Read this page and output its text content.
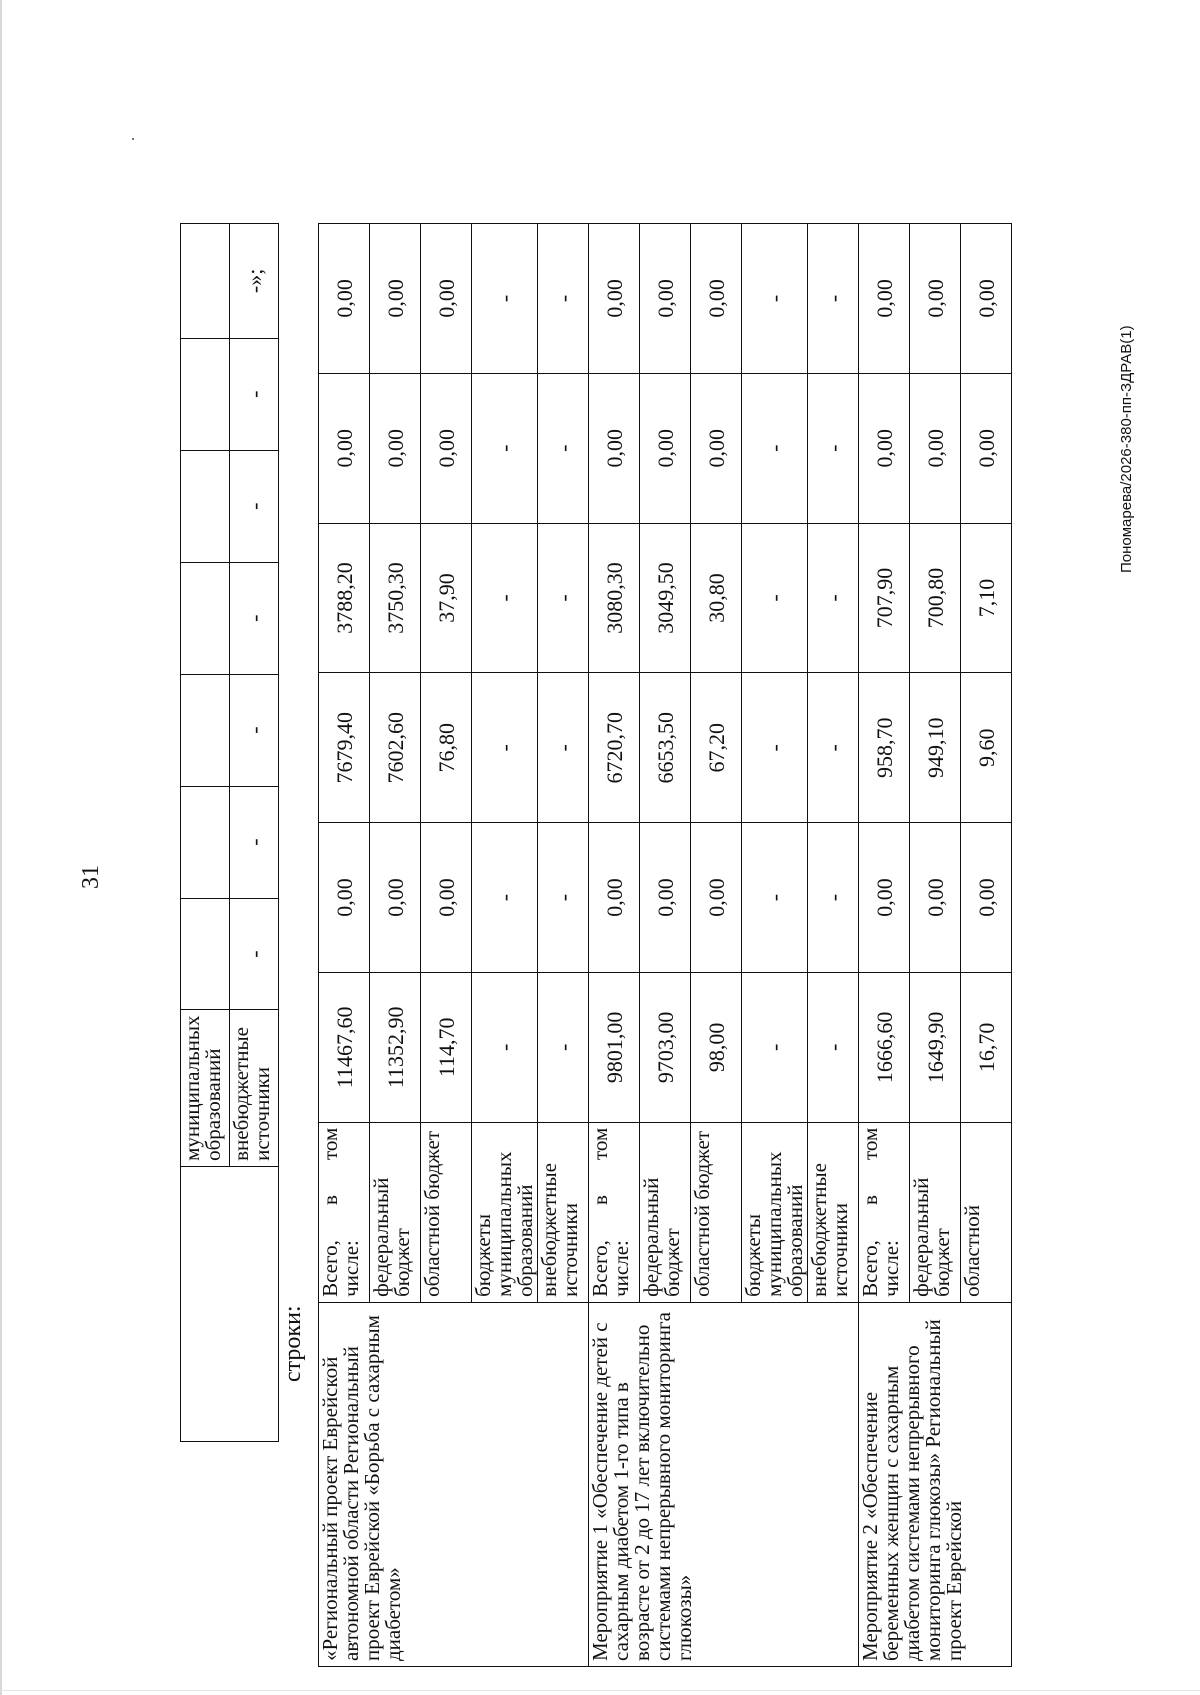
31
	муниципальных образований							
	внебюджетные источники	-	-	-	-	-	-	-»;
строки:
«Региональный проект Еврейской автономной области Региональный проект Еврейской «Борьба с сахарным диабетом»	Всего, в том числе:	11467,60	0,00	7679,40	3788,20	0,00	0,00
	федеральный бюджет	11352,90	0,00	7602,60	3750,30	0,00	0,00
	областной бюджет	114,70	0,00	76,80	37,90	0,00	0,00
	бюджеты муниципальных образований	-	-	-	-	-	-
	внебюджетные источники	-	-	-	-	-	-
Мероприятие 1 «Обеспечение детей с сахарным диабетом 1-го типа в возрасте от 2 до 17 лет включительно системами непрерывного мониторинга глюкозы»	Всего, в том числе:	9801,00	0,00	6720,70	3080,30	0,00	0,00
	федеральный бюджет	9703,00	0,00	6653,50	3049,50	0,00	0,00
	областной бюджет	98,00	0,00	67,20	30,80	0,00	0,00
	бюджеты муниципальных образований	-	-	-	-	-	-
	внебюджетные источники	-	-	-	-	-	-
Мероприятие 2 «Обеспечение беременных женщин с сахарным диабетом системами непрерывного мониторинга глюкозы» Региональный проект Еврейской	Всего, в том числе:	1666,60	0,00	958,70	707,90	0,00	0,00
	федеральный бюджет	1649,90	0,00	949,10	700,80	0,00	0,00
	областной	16,70	0,00	9,60	7,10	0,00	0,00
Пономарева/2026-380-пп-ЗДРАВ(1)
